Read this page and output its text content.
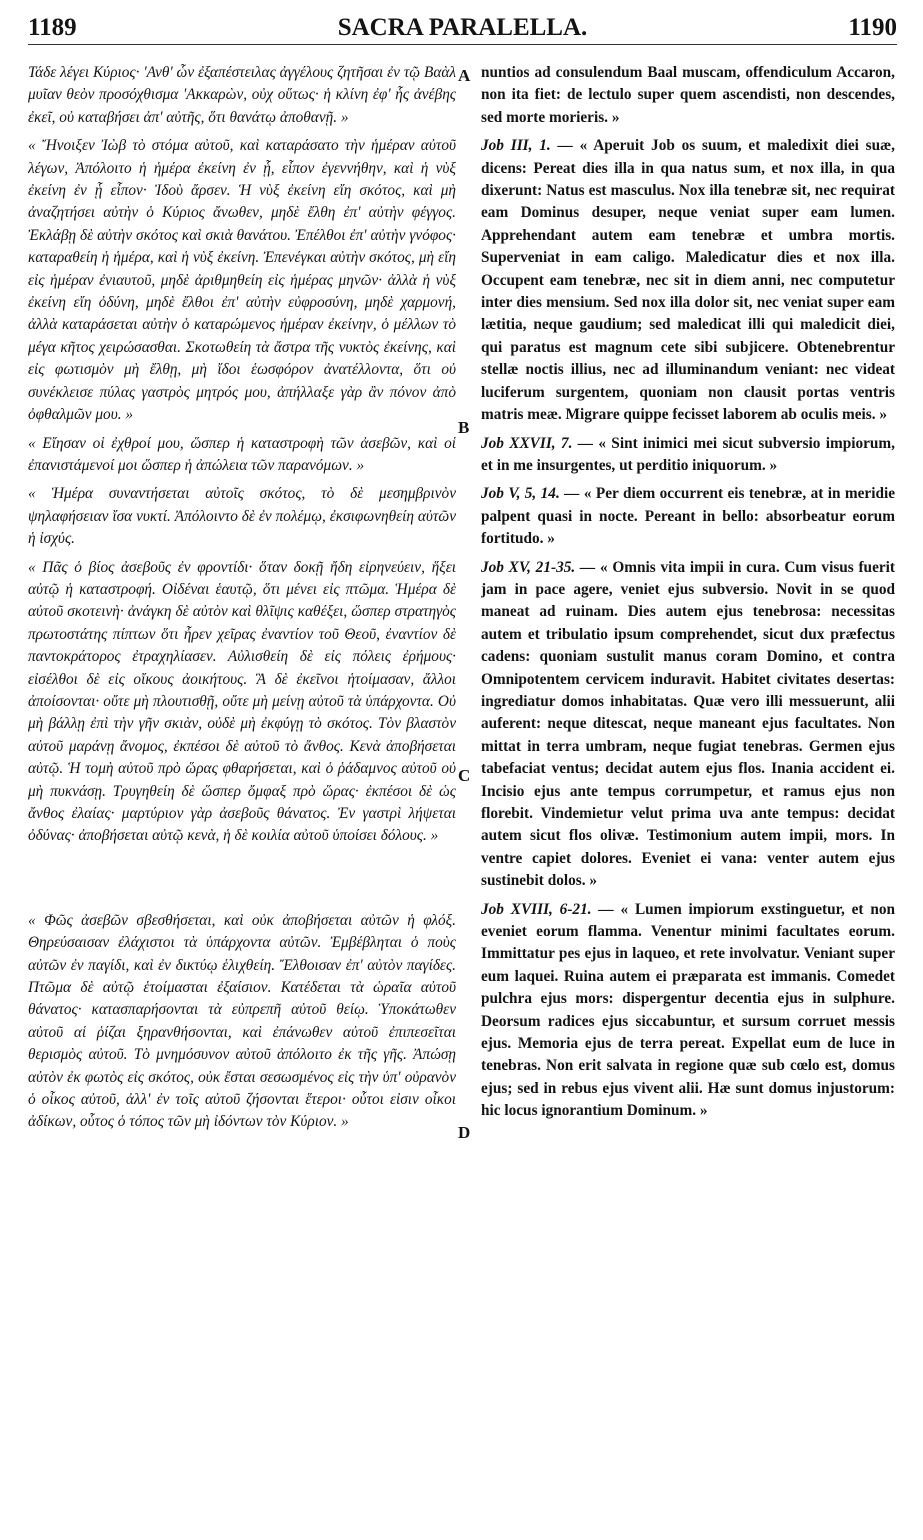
1189	SACRA PARALELLA.	1190
A
B
C
D

Τάδε λέγει Κύριος· 'Ανθ' ὧν ἐξαπέστειλας ἀγγέλους ζητῆσαι ἐν τῷ Βαὰλ μυῖαν θεὸν προσόχθισμα 'Ακκαρὼν, οὐχ οὕτως· ἡ κλίνη ἐφ' ἧς ἀνέβης ἐκεῖ, οὐ καταβήσει ἀπ' αὐτῆς, ὅτι θανάτῳ ἀποθανῇ. »

« Ἤνοιξεν Ἰὼβ τὸ στόμα αὐτοῦ, καὶ καταράσατο τὴν ἡμέραν αὐτοῦ λέγων, Ἀπόλοιτο ἡ ἡμέρα ἐκείνη ἐν ᾗ, εἶπον ἐγεννήθην, καὶ ἡ νὺξ ἐκείνη ἐν ᾗ εἶπον· Ἰδοὺ ἄρσεν. Ἡ νὺξ ἐκείνη εἴη σκότος, καὶ μὴ ἀναζητήσει αὐτὴν ὁ Κύριος ἄνωθεν, μηδὲ ἔλθη ἐπ' αὐτὴν φέγγος. Ἐκλάβῃ δὲ αὐτὴν σκότος καὶ σκιὰ θανάτου. Ἐπέλθοι ἐπ' αὐτὴν γνόφος· καταραθείη ἡ ἡμέρα, καὶ ἡ νὺξ ἐκείνη. Ἐπενέγκαι αὐτὴν σκότος, μὴ εἴη εἰς ἡμέραν ἐνιαυτοῦ, μηδὲ ἀριθμηθείη εἰς ἡμέρας μηνῶν· ἀλλὰ ἡ νὺξ ἐκείνη εἴη ὀδύνη, μηδὲ ἔλθοι ἐπ' αὐτὴν εὐφροσύνη, μηδὲ χαρμονή, ἀλλὰ καταράσεται αὐτὴν ὁ καταρώμενος ἡμέραν ἐκείνην, ὁ μέλλων τὸ μέγα κῆτος χειρώσασθαι. Σκοτωθείη τὰ ἄστρα τῆς νυκτὸς ἐκείνης, καὶ εἰς φωτισμὸν μὴ ἔλθῃ, μὴ ἴδοι ἑωσφόρον ἀνατέλλοντα, ὅτι οὐ συνέκλεισε πύλας γαστρὸς μητρός μου, ἀπήλλαξε γὰρ ἂν πόνον ἀπὸ ὀφθαλμῶν μου. »

« Εἴησαν οἱ ἐχθροί μου, ὥσπερ ἡ καταστροφὴ τῶν ἀσεβῶν, καὶ οἱ ἐπανιστάμενοί μοι ὥσπερ ἡ ἀπώλεια τῶν παρανόμων. »

« Ἡμέρα συναντήσεται αὐτοῖς σκότος, τὸ δὲ μεσημβρινὸν ψηλαφήσειαν ἴσα νυκτί. Ἀπόλοιντο δὲ ἐν πολέμῳ, ἐκσιφωνηθείη αὐτῶν ἡ ἰσχύς.

« Πᾶς ὁ βίος ἀσεβοῦς ἐν φροντίδι· ὅταν δοκῇ ἤδη εἰρηνεύειν, ἥξει αὐτῷ ἡ καταστροφή. Οἰδέναι ἑαυτῷ, ὅτι μένει εἰς πτῶμα. Ἡμέρα δὲ αὐτοῦ σκοτεινὴ· ἀνάγκη δὲ αὐτὸν καὶ θλῖψις καθέξει, ὥσπερ στρατηγὸς πρωτοστάτης πίπτων ὅτι ἦρεν χεῖρας ἐναντίον τοῦ Θεοῦ, ἐναντίον δὲ παντοκράτορος ἐτραχηλίασεν. Αὐλισθείη δὲ εἰς πόλεις ἐρήμους· εἰσέλθοι δὲ εἰς οἴκους ἀοικήτους. Ἃ δὲ ἐκεῖνοι ἡτοίμασαν, ἄλλοι ἀποίσονται· οὔτε μὴ πλουτισθῇ, οὔτε μὴ μείνῃ αὐτοῦ τὰ ὑπάρχοντα. Οὐ μὴ βάλλῃ ἐπὶ τὴν γῆν σκιὰν, οὐδὲ μὴ ἐκφύγῃ τὸ σκότος. Τὸν βλαστὸν αὐτοῦ μαράνῃ ἄνομος, ἐκπέσοι δὲ αὐτοῦ τὸ ἄνθος. Κενὰ ἀποβήσεται αὐτῷ. Ἡ τομὴ αὐτοῦ πρὸ ὥρας φθαρήσεται, καὶ ὁ ῥάδαμνος αὐτοῦ οὐ μὴ πυκνάσῃ. Τρυγηθείη δὲ ὥσπερ ὄμφαξ πρὸ ὥρας· ἐκπέσοι δὲ ὡς ἄνθος ἐλαίας· μαρτύριον γὰρ ἀσεβοῦς θάνατος. Ἐν γαστρὶ λήψεται ὀδύνας· ἀποβήσεται αὐτῷ κενὰ, ἡ δὲ κοιλία αὐτοῦ ὑποίσει δόλους. »

« Φῶς ἀσεβῶν σβεσθήσεται, καὶ οὐκ ἀποβήσεται αὐτῶν ἡ φλόξ. Θηρεύσαισαν ἐλάχιστοι τὰ ὑπάρχοντα αὐτῶν. Ἐμβέβληται ὁ ποὺς αὐτῶν ἐν παγίδι, καὶ ἐν δικτύῳ ἑλιχθείη. Ἔλθοισαν ἐπ' αὐτὸν παγίδες. Πτῶμα δὲ αὐτῷ ἑτοίμασται ἐξαίσιον. Κατέδεται τὰ ὡραῖα αὐτοῦ θάνατος· κατασπαρήσονται τὰ εὐπρεπῆ αὐτοῦ θείῳ. Ὑποκάτωθεν αὐτοῦ αἱ ῥίζαι ξηρανθήσονται, καὶ ἐπάνωθεν αὐτοῦ ἐπιπεσεῖται θερισμὸς αὐτοῦ. Τὸ μνημόσυνον αὐτοῦ ἀπόλοιτο ἐκ τῆς γῆς. Ἀπώσῃ αὐτὸν ἐκ φωτὸς εἰς σκότος, οὐκ ἔσται σεσωσμένος εἰς τὴν ὑπ' οὐρανὸν ὁ οἶκος αὐτοῦ, ἀλλ' ἐν τοῖς αὐτοῦ ζήσονται ἕτεροι· οὗτοι εἰσιν οἶκοι ἀδίκων, οὗτος ὁ τόπος τῶν μὴ ἰδόντων τὸν Κύριον. »

nuntios ad consulendum Baal muscam, offendiculum Accaron, non ita fiet: de lectulo super quem ascendisti, non descendes, sed morte morieris. »

Job III, 1. — « Aperuit Job os suum, et maledixit diei suæ, dicens: Pereat dies illa in qua natus sum, et nox illa, in qua dixerunt: Natus est masculus. Nox illa tenebræ sit, nec requirat eam Dominus desuper, neque veniat super eam lumen. Apprehendant autem eam tenebræ et umbra mortis. Superveniat in eam caligo. Maledicatur dies et nox illa. Occupent eam tenebræ, nec sit in diem anni, nec computetur inter dies mensium. Sed nox illa dolor sit, nec veniat super eam lætitia, neque gaudium; sed maledicat illi qui maledicit diei, qui paratus est magnum cete sibi subjicere. Obtenebrentur stellæ noctis illius, nec ad illuminandum veniant: nec videat luciferum surgentem, quoniam non clausit portas ventris matris meæ. Migrare quippe fecisset laborem ab oculis meis. »

Job XXVII, 7. — « Sint inimici mei sicut subversio impiorum, et in me insurgentes, ut perditio iniquorum. »

Job V, 5, 14. — « Per diem occurrent eis tenebræ, at in meridie palpent quasi in nocte. Pereant in bello: absorbeatur eorum fortitudo. »

Job XV, 21-35. — « Omnis vita impii in cura. Cum visus fuerit jam in pace agere, veniet ejus subversio. Novit in se quod maneat ad ruinam. Dies autem ejus tenebrosa: necessitas autem et tribulatio ipsum comprehendet, sicut dux præfectus cadens: quoniam sustulit manus coram Domino, et contra Omnipotentem cervicem induravit. Habitet civitates desertas: ingrediatur domos inhabitatas. Quæ vero illi messuerunt, alii auferent: neque ditescat, neque maneant ejus facultates. Non mittat in terra umbram, neque fugiat tenebras. Germen ejus tabefaciat ventus; decidat autem ejus flos. Inania accident ei. Incisio ejus ante tempus corrumpetur, et ramus ejus non florebit. Vindemietur velut prima uva ante tempus: decidat autem sicut flos olivæ. Testimonium autem impii, mors. In ventre capiet dolores. Eveniet ei vana: venter autem ejus sustinebit dolos. »

Job XVIII, 6-21. — « Lumen impiorum exstinguetur, et non eveniet eorum flamma. Venentur minimi facultates eorum. Immittatur pes ejus in laqueo, et rete involvatur. Veniant super eum laquei. Ruina autem ei præparata est immanis. Comedet pulchra ejus mors: dispergentur decentia ejus in sulphure. Deorsum radices ejus siccabuntur, et sursum corruet messis ejus. Memoria ejus de terra pereat. Expellat eum de luce in tenebras. Non erit salvata in regione quæ sub cœlo est, domus ejus; sed in rebus ejus vivent alii. Hæ sunt domus injustorum: hic locus ignorantium Dominum. »
